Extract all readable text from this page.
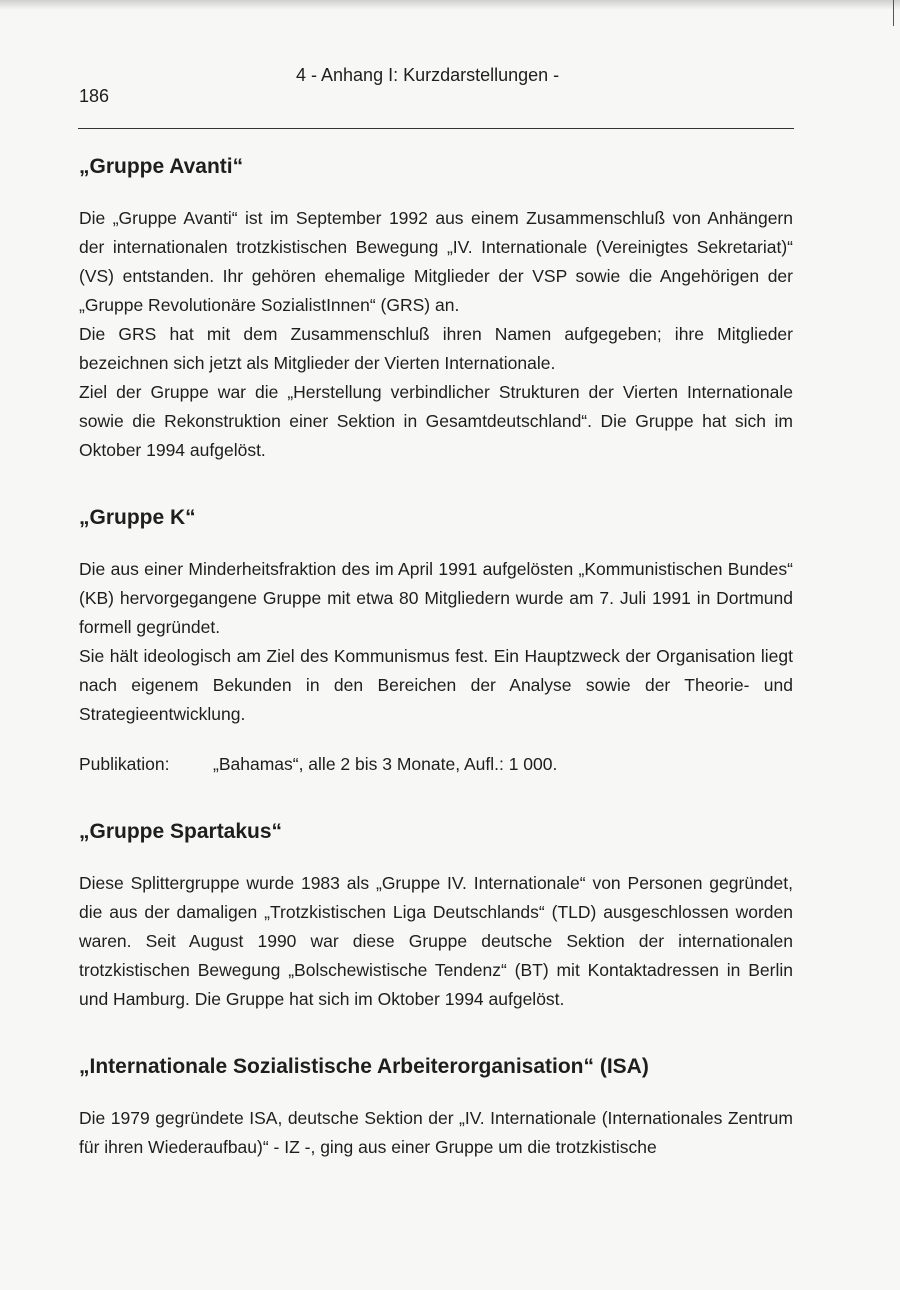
4 - Anhang I: Kurzdarstellungen -
186
„Gruppe Avanti“

Die „Gruppe Avanti“ ist im September 1992 aus einem Zusammenschluß von Anhängern der internationalen trotzkistischen Bewegung „IV. Internationale (Vereinigtes Sekretariat)“ (VS) entstanden. Ihr gehören ehemalige Mitglieder der VSP sowie die Angehörigen der „Gruppe Revolutionäre SozialistInnen“ (GRS) an.

Die GRS hat mit dem Zusammenschluß ihren Namen aufgegeben; ihre Mitglieder bezeichnen sich jetzt als Mitglieder der Vierten Internationale.

Ziel der Gruppe war die „Herstellung verbindlicher Strukturen der Vierten Internationale sowie die Rekonstruktion einer Sektion in Gesamtdeutschland“. Die Gruppe hat sich im Oktober 1994 aufgelöst.

„Gruppe K“

Die aus einer Minderheitsfraktion des im April 1991 aufgelösten „Kommunistischen Bundes“ (KB) hervorgegangene Gruppe mit etwa 80 Mitgliedern wurde am 7. Juli 1991 in Dortmund formell gegründet.

Sie hält ideologisch am Ziel des Kommunismus fest. Ein Hauptzweck der Organisation liegt nach eigenem Bekunden in den Bereichen der Analyse sowie der Theorie- und Strategieentwicklung.

Publikation:	„Bahamas“, alle 2 bis 3 Monate, Aufl.: 1 000.
„Gruppe Spartakus“

Diese Splittergruppe wurde 1983 als „Gruppe IV. Internationale“ von Personen gegründet, die aus der damaligen „Trotzkistischen Liga Deutschlands“ (TLD) ausgeschlossen worden waren. Seit August 1990 war diese Gruppe deutsche Sektion der internationalen trotzkistischen Bewegung „Bolschewistische Tendenz“ (BT) mit Kontaktadressen in Berlin und Hamburg. Die Gruppe hat sich im Oktober 1994 aufgelöst.

„Internationale Sozialistische Arbeiterorganisation“ (ISA)

Die 1979 gegründete ISA, deutsche Sektion der „IV. Internationale (Internationales Zentrum für ihren Wiederaufbau)“ - IZ -, ging aus einer Gruppe um die trotzkistische
